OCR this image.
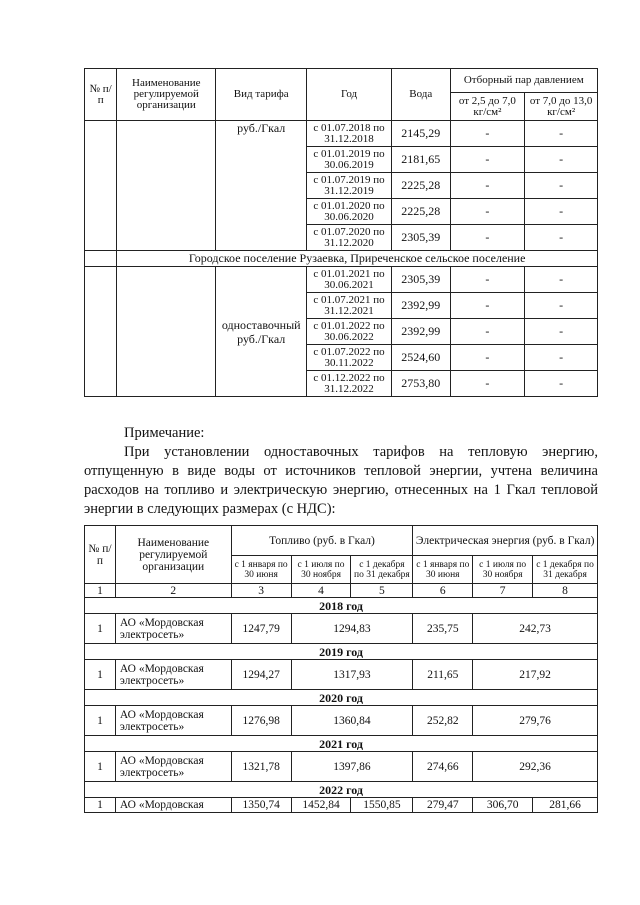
№ п/п	Наименование регулируемой организации	Вид тарифа	Год	Вода	Отборный пар давлением	
					от 2,5 до 7,0 кг/см²	от 7,0 до 13,0 кг/см²
		руб./Гкал	с 01.07.2018 по 31.12.2018	2145,29	-	-
			с 01.01.2019 по 30.06.2019	2181,65	-	-
			с 01.07.2019 по 31.12.2019	2225,28	-	-
			с 01.01.2020 по 30.06.2020	2225,28	-	-
			с 01.07.2020 по 31.12.2020	2305,39	-	-
	Городское поселение Рузаевка, Приреченское сельское поселение					
		одноставочный руб./Гкал	с 01.01.2021 по 30.06.2021	2305,39	-	-
			с 01.07.2021 по 31.12.2021	2392,99	-	-
			с 01.01.2022 по 30.06.2022	2392,99	-	-
			с 01.07.2022 по 30.11.2022	2524,60	-	-
			с 01.12.2022 по 31.12.2022	2753,80	-	-
Примечание:
При установлении одноставочных тарифов на тепловую энергию, отпущенную в виде воды от источников тепловой энергии, учтена величина расходов на топливо и электрическую энергию, отнесенных на 1 Гкал тепловой энергии в следующих размерах (с НДС):
№ п/п	Наименование регулируемой организации	Топливо (руб. в Гкал)			Электрическая энергия (руб. в Гкал)		
		с 1 января по 30 июня	с 1 июля по 30 ноября	с 1 декабря по 31 декабря	с 1 января по 30 июня	с 1 июля по 30 ноября	с 1 декабря по 31 декабря
1	2	3	4	5	6	7	8
2018 год							
1	АО «Мордовская электросеть»	1247,79	1294,83		235,75	242,73	
2019 год							
1	АО «Мордовская электросеть»	1294,27	1317,93		211,65	217,92	
2020 год							
1	АО «Мордовская электросеть»	1276,98	1360,84		252,82	279,76	
2021 год							
1	АО «Мордовская электросеть»	1321,78	1397,86		274,66	292,36	
2022 год							
1	АО «Мордовская	1350,74	1452,84	1550,85	279,47	306,70	281,66
